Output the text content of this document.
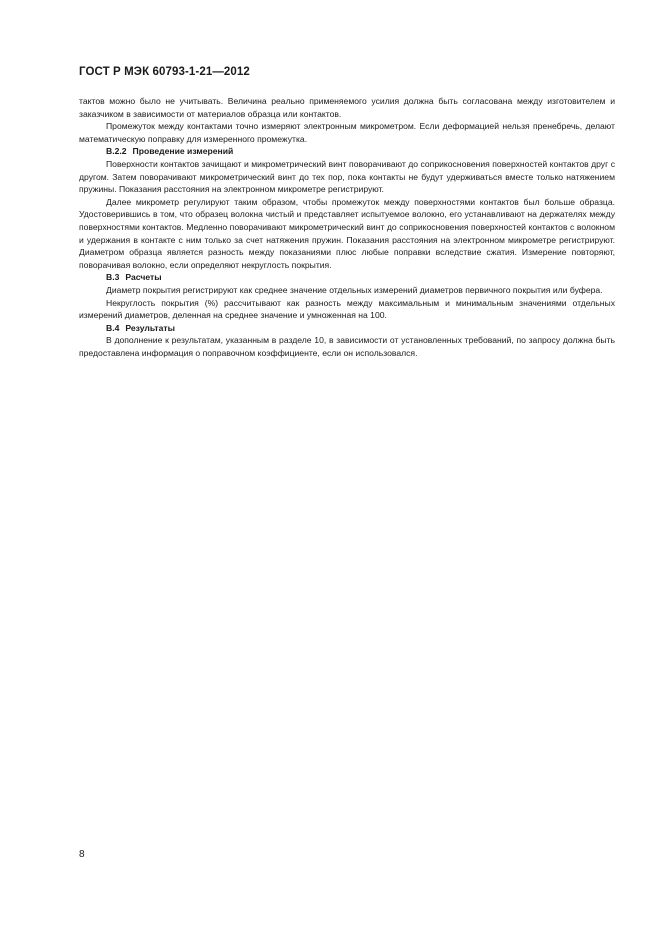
ГОСТ Р МЭК 60793-1-21—2012

тактов можно было не учитывать. Величина реально применяемого усилия должна быть согласована между изготовителем и заказчиком в зависимости от материалов образца или контактов.

Промежуток между контактами точно измеряют электронным микрометром. Если деформацией нельзя пренебречь, делают математическую поправку для измеренного промежутка.

В.2.2 Проведение измерений

Поверхности контактов зачищают и микрометрический винт поворачивают до соприкосновения поверхностей контактов друг с другом. Затем поворачивают микрометрический винт до тех пор, пока контакты не будут удерживаться вместе только натяжением пружины. Показания расстояния на электронном микрометре регистрируют.

Далее микрометр регулируют таким образом, чтобы промежуток между поверхностями контактов был больше образца. Удостоверившись в том, что образец волокна чистый и представляет испытуемое волокно, его устанавливают на держателях между поверхностями контактов. Медленно поворачивают микрометрический винт до соприкосновения поверхностей контактов с волокном и удержания в контакте с ним только за счет натяжения пружин. Показания расстояния на электронном микрометре регистрируют. Диаметром образца является разность между показаниями плюс любые поправки вследствие сжатия. Измерение повторяют, поворачивая волокно, если определяют некруглость покрытия.

В.3 Расчеты

Диаметр покрытия регистрируют как среднее значение отдельных измерений диаметров первичного покрытия или буфера.

Некруглость покрытия (%) рассчитывают как разность между максимальным и минимальным значениями отдельных измерений диаметров, деленная на среднее значение и умноженная на 100.

В.4 Результаты

В дополнение к результатам, указанным в разделе 10, в зависимости от установленных требований, по запросу должна быть предоставлена информация о поправочном коэффициенте, если он использовался.

8
